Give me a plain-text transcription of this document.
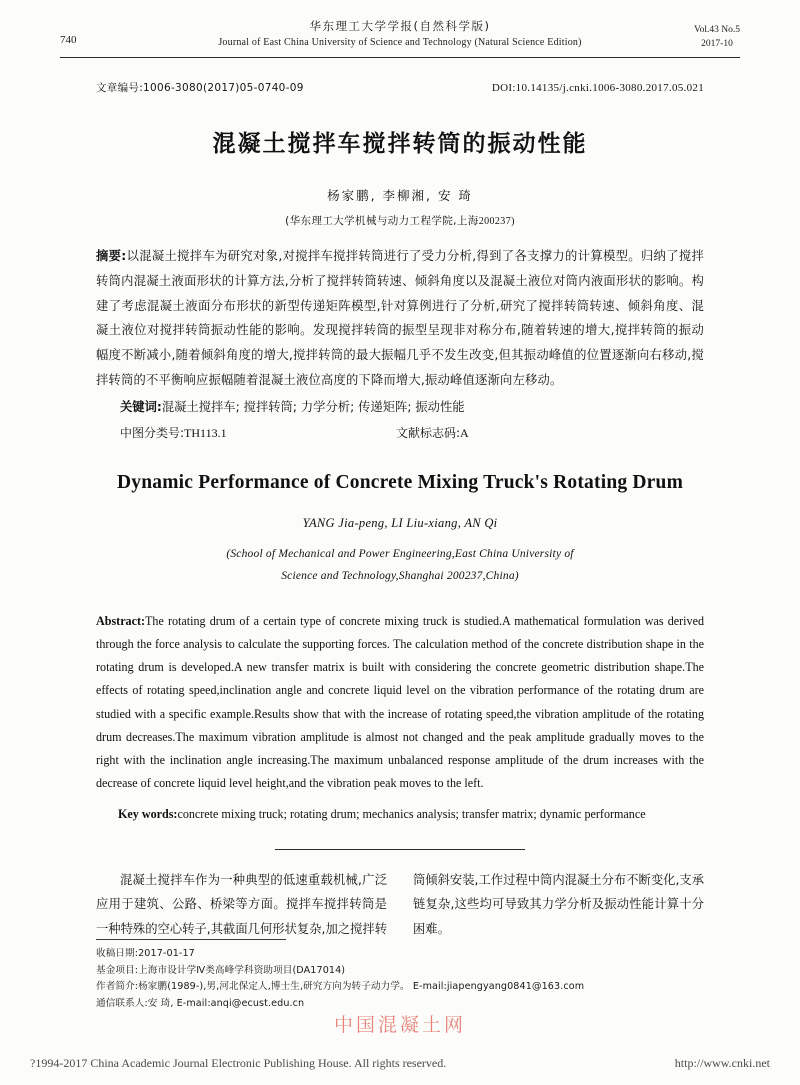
740
华东理工大学学报(自然科学版)
Journal of East China University of Science and Technology (Natural Science Edition)
Vol.43 No.5
2017-10
文章编号:1006-3080(2017)05-0740-09	DOI:10.14135/j.cnki.1006-3080.2017.05.021
混凝土搅拌车搅拌转筒的振动性能
杨家鹏, 李柳湘, 安 琦
(华东理工大学机械与动力工程学院,上海200237)
摘要:以混凝土搅拌车为研究对象,对搅拌车搅拌转筒进行了受力分析,得到了各支撑力的计算模型。归纳了搅拌转筒内混凝土液面形状的计算方法,分析了搅拌转筒转速、倾斜角度以及混凝土液位对筒内液面形状的影响。构建了考虑混凝土液面分布形状的新型传递矩阵模型,针对算例进行了分析,研究了搅拌转筒转速、倾斜角度、混凝土液位对搅拌转筒振动性能的影响。发现搅拌转筒的振型呈现非对称分布,随着转速的增大,搅拌转筒的振动幅度不断减小,随着倾斜角度的增大,搅拌转筒的最大振幅几乎不发生改变,但其振动峰值的位置逐渐向右移动,搅拌转筒的不平衡响应振幅随着混凝土液位高度的下降而增大,振动峰值逐渐向左移动。
关键词:混凝土搅拌车; 搅拌转筒; 力学分析; 传递矩阵; 振动性能
中图分类号:TH113.1	文献标志码:A
Dynamic Performance of Concrete Mixing Truck's Rotating Drum
YANG Jia-peng, LI Liu-xiang, AN Qi
(School of Mechanical and Power Engineering,East China University of
Science and Technology,Shanghai 200237,China)
Abstract:The rotating drum of a certain type of concrete mixing truck is studied.A mathematical formulation was derived through the force analysis to calculate the supporting forces. The calculation method of the concrete distribution shape in the rotating drum is developed.A new transfer matrix is built with considering the concrete geometric distribution shape.The effects of rotating speed,inclination angle and concrete liquid level on the vibration performance of the rotating drum are studied with a specific example.Results show that with the increase of rotating speed,the vibration amplitude of the rotating drum decreases.The maximum vibration amplitude is almost not changed and the peak amplitude gradually moves to the right with the inclination angle increasing.The maximum unbalanced response amplitude of the drum increases with the decrease of concrete liquid level height,and the vibration peak moves to the left.
Key words:concrete mixing truck; rotating drum; mechanics analysis; transfer matrix; dynamic performance

混凝土搅拌车作为一种典型的低速重载机械,广泛应用于建筑、公路、桥梁等方面。搅拌车搅拌转筒是一种特殊的空心转子,其截面几何形状复杂,加之搅拌转筒倾斜安装,工作过程中筒内混凝土分布不断变化,支承链复杂,这些均可导致其力学分析及振动性能计算十分困难。

收稿日期:2017-01-17
基金项目:上海市设计学Ⅳ类高峰学科资助项目(DA17014)
作者简介:杨家鹏(1989-),男,河北保定人,博士生,研究方向为转子动力学。 E-mail:jiapengyang0841@163.com
通信联系人:安 琦, E-mail:anqi@ecust.edu.cn
中国混凝土网
?1994-2017 China Academic Journal Electronic Publishing House. All rights reserved.	http://www.cnki.net
